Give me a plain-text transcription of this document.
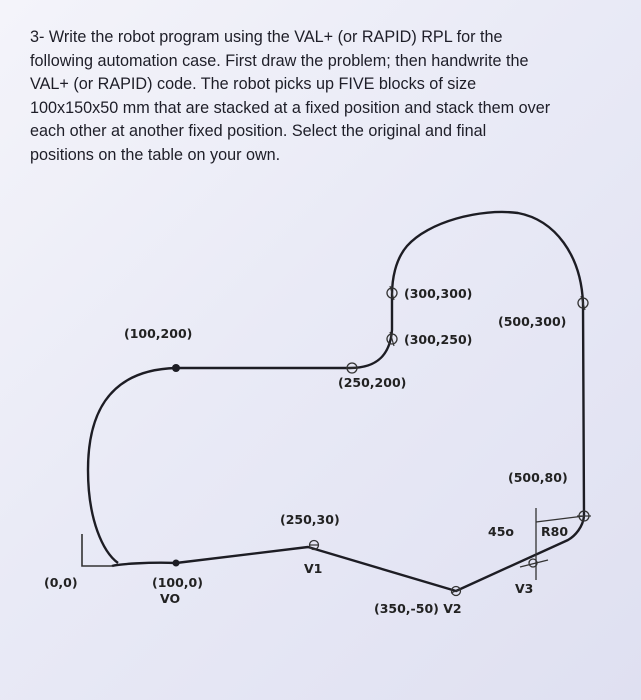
3- Write the robot program using the VAL+ (or RAPID) RPL for the
following automation case. First draw the problem; then handwrite the
VAL+ (or RAPID) code. The robot picks up FIVE blocks of size
100x150x50 mm that are stacked at a fixed position and stack them over
each other at another fixed position. Select the original and final
positions on the table on your own.

(0,0)	(100,0)
VO
(100,200)
(250,200)
(300,300)
(300,250)
(500,300)
(500,80)
(250,30)
V1
45o R80
V3
(350,-50) V2
